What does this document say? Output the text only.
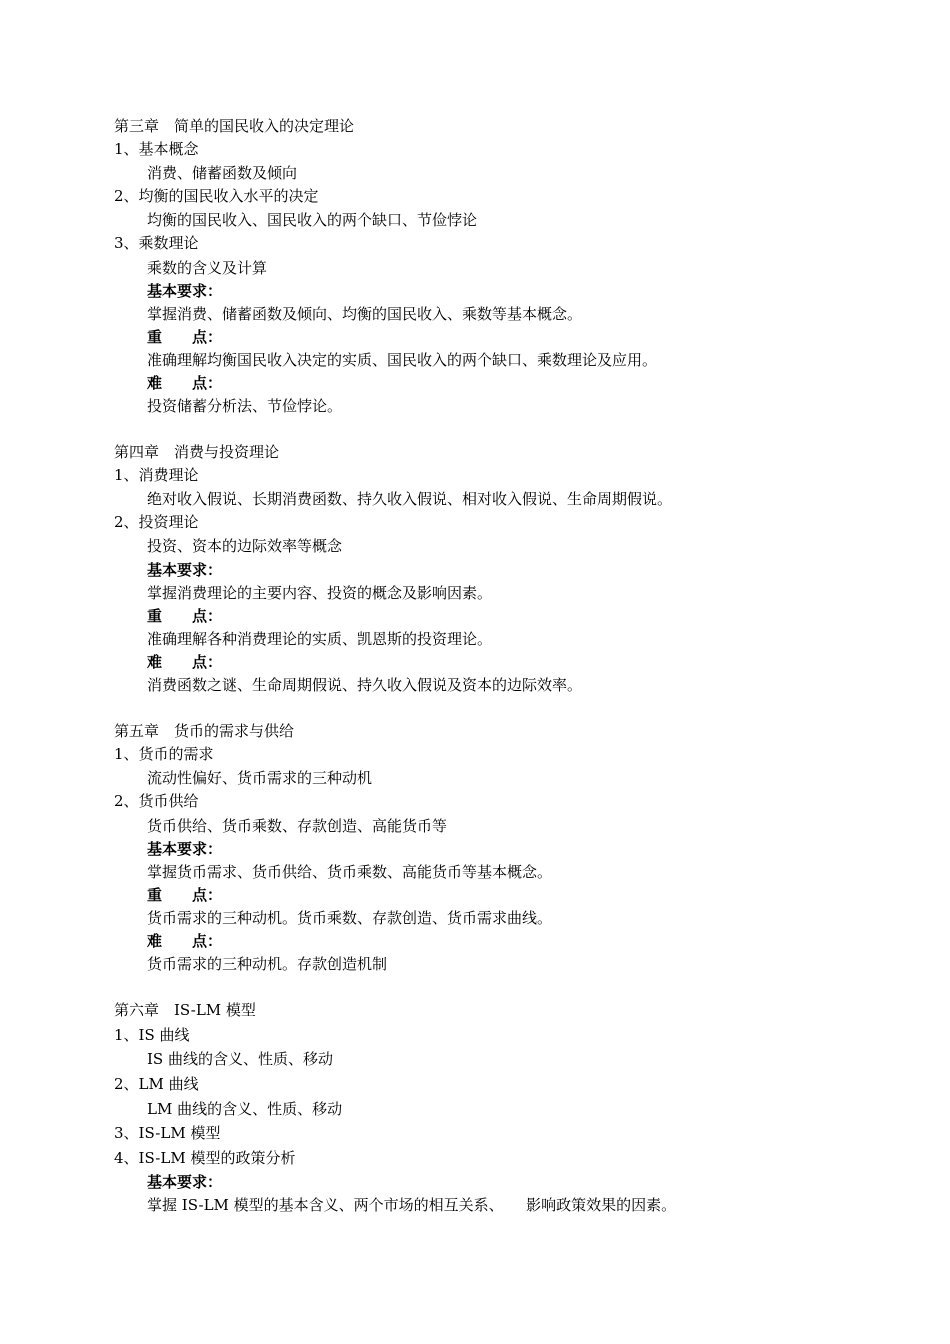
第三章　简单的国民收入的决定理论
1、基本概念
消费、储蓄函数及倾向
2、均衡的国民收入水平的决定
均衡的国民收入、国民收入的两个缺口、节俭悖论
3、乘数理论
乘数的含义及计算
基本要求：
掌握消费、储蓄函数及倾向、均衡的国民收入、乘数等基本概念。
重　　点：
准确理解均衡国民收入决定的实质、国民收入的两个缺口、乘数理论及应用。
难　　点：
投资储蓄分析法、节俭悖论。
第四章　消费与投资理论
1、消费理论
绝对收入假说、长期消费函数、持久收入假说、相对收入假说、生命周期假说。
2、投资理论
投资、资本的边际效率等概念
基本要求：
掌握消费理论的主要内容、投资的概念及影响因素。
重　　点：
准确理解各种消费理论的实质、凯恩斯的投资理论。
难　　点：
消费函数之谜、生命周期假说、持久收入假说及资本的边际效率。
第五章　货币的需求与供给
1、货币的需求
流动性偏好、货币需求的三种动机
2、货币供给
货币供给、货币乘数、存款创造、高能货币等
基本要求：
掌握货币需求、货币供给、货币乘数、高能货币等基本概念。
重　　点：
货币需求的三种动机。货币乘数、存款创造、货币需求曲线。
难　　点：
货币需求的三种动机。存款创造机制
第六章　IS-LM 模型
1、IS 曲线
IS 曲线的含义、性质、移动
2、LM 曲线
LM 曲线的含义、性质、移动
3、IS-LM 模型
4、IS-LM 模型的政策分析
基本要求：
掌握 IS-LM 模型的基本含义、两个市场的相互关系、　　影响政策效果的因素。
